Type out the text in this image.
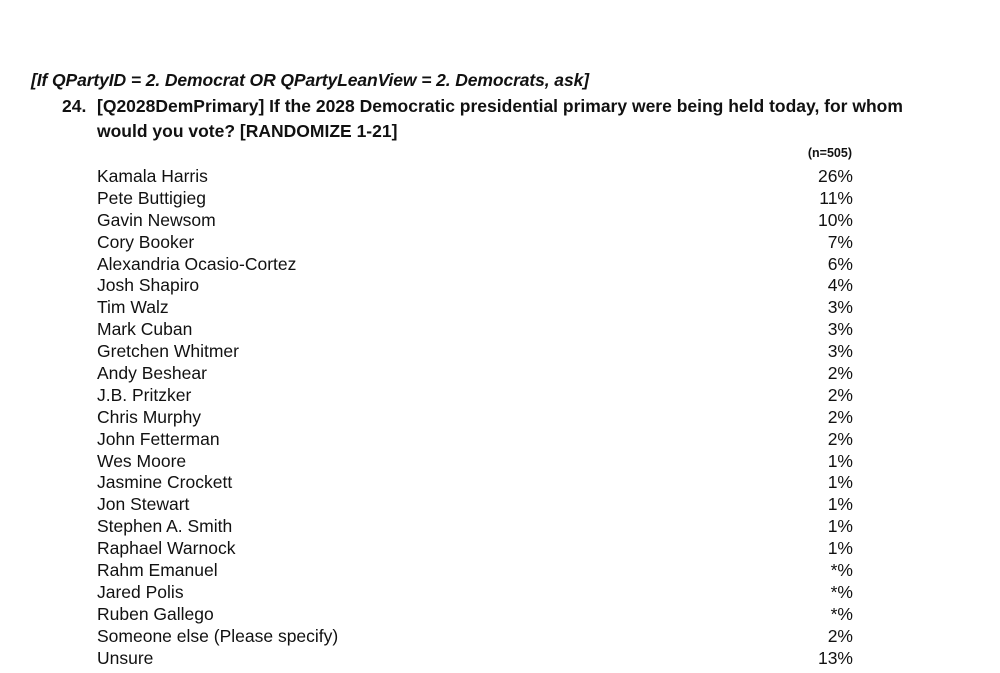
[If QPartyID = 2. Democrat OR QPartyLeanView = 2. Democrats, ask]
24. [Q2028DemPrimary] If the 2028 Democratic presidential primary were being held today, for whom would you vote? [RANDOMIZE 1-21]
(n=505)
Kamala Harris	26%
Pete Buttigieg	11%
Gavin Newsom	10%
Cory Booker	7%
Alexandria Ocasio-Cortez	6%
Josh Shapiro	4%
Tim Walz	3%
Mark Cuban	3%
Gretchen Whitmer	3%
Andy Beshear	2%
J.B. Pritzker	2%
Chris Murphy	2%
John Fetterman	2%
Wes Moore	1%
Jasmine Crockett	1%
Jon Stewart	1%
Stephen A. Smith	1%
Raphael Warnock	1%
Rahm Emanuel	*%
Jared Polis	*%
Ruben Gallego	*%
Someone else (Please specify)	2%
Unsure	13%
